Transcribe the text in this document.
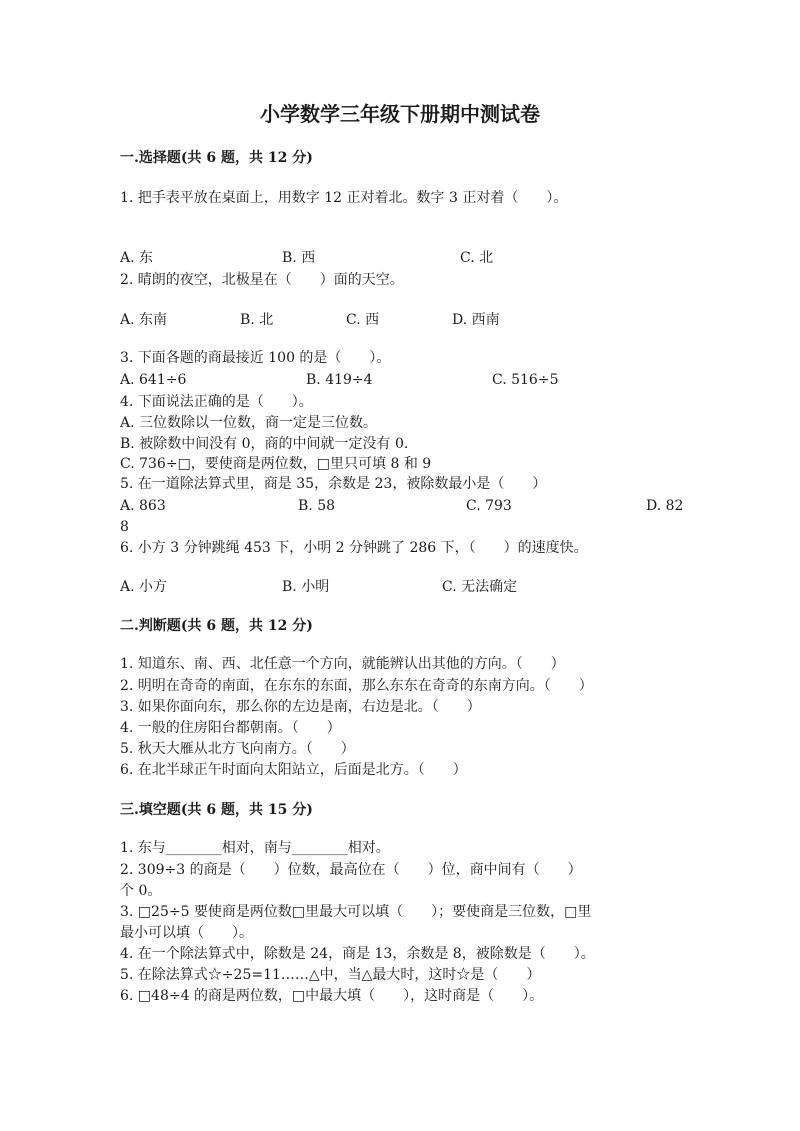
小学数学三年级下册期中测试卷
一.选择题(共 6 题，共 12 分)
1. 把手表平放在桌面上，用数字 12 正对着北。数字 3 正对着（　　）。
A. 东	B. 西	C. 北
2. 晴朗的夜空，北极星在（　　）面的天空。
A. 东南	B. 北	C. 西	D. 西南
3. 下面各题的商最接近 100 的是（　　）。
A. 641÷6	B. 419÷4	C. 516÷5
4. 下面说法正确的是（　　）。
A. 三位数除以一位数，商一定是三位数。
B. 被除数中间没有 0，商的中间就一定没有 0.
C. 736÷□，要使商是两位数，□里只可填 8 和 9
5. 在一道除法算式里，商是 35，余数是 23，被除数最小是（　　）
A. 863	B. 58	C. 793	D. 82
8
6. 小方 3 分钟跳绳 453 下，小明 2 分钟跳了 286 下，（　　）的速度快。
A. 小方	B. 小明	C. 无法确定
二.判断题(共 6 题，共 12 分)
1. 知道东、南、西、北任意一个方向，就能辨认出其他的方向。（　　）
2. 明明在奇奇的南面，在东东的东面，那么东东在奇奇的东南方向。（　　）
3. 如果你面向东，那么你的左边是南，右边是北。（　　）
4. 一般的住房阳台都朝南。（　　）
5. 秋天大雁从北方飞向南方。（　　）
6. 在北半球正午时面向太阳站立，后面是北方。（　　）
三.填空题(共 6 题，共 15 分)
1. 东与________相对，南与________相对。
2. 309÷3 的商是（　　）位数，最高位在（　　）位，商中间有（　　）
个 0。
3. □25÷5 要使商是两位数□里最大可以填（　　）；要使商是三位数，□里
最小可以填（　　）。
4. 在一个除法算式中，除数是 24，商是 13，余数是 8，被除数是（　　）。
5. 在除法算式☆÷25=11……△中，当△最大时，这时☆是（　　）
6. □48÷4 的商是两位数，□中最大填（　　），这时商是（　　）。
